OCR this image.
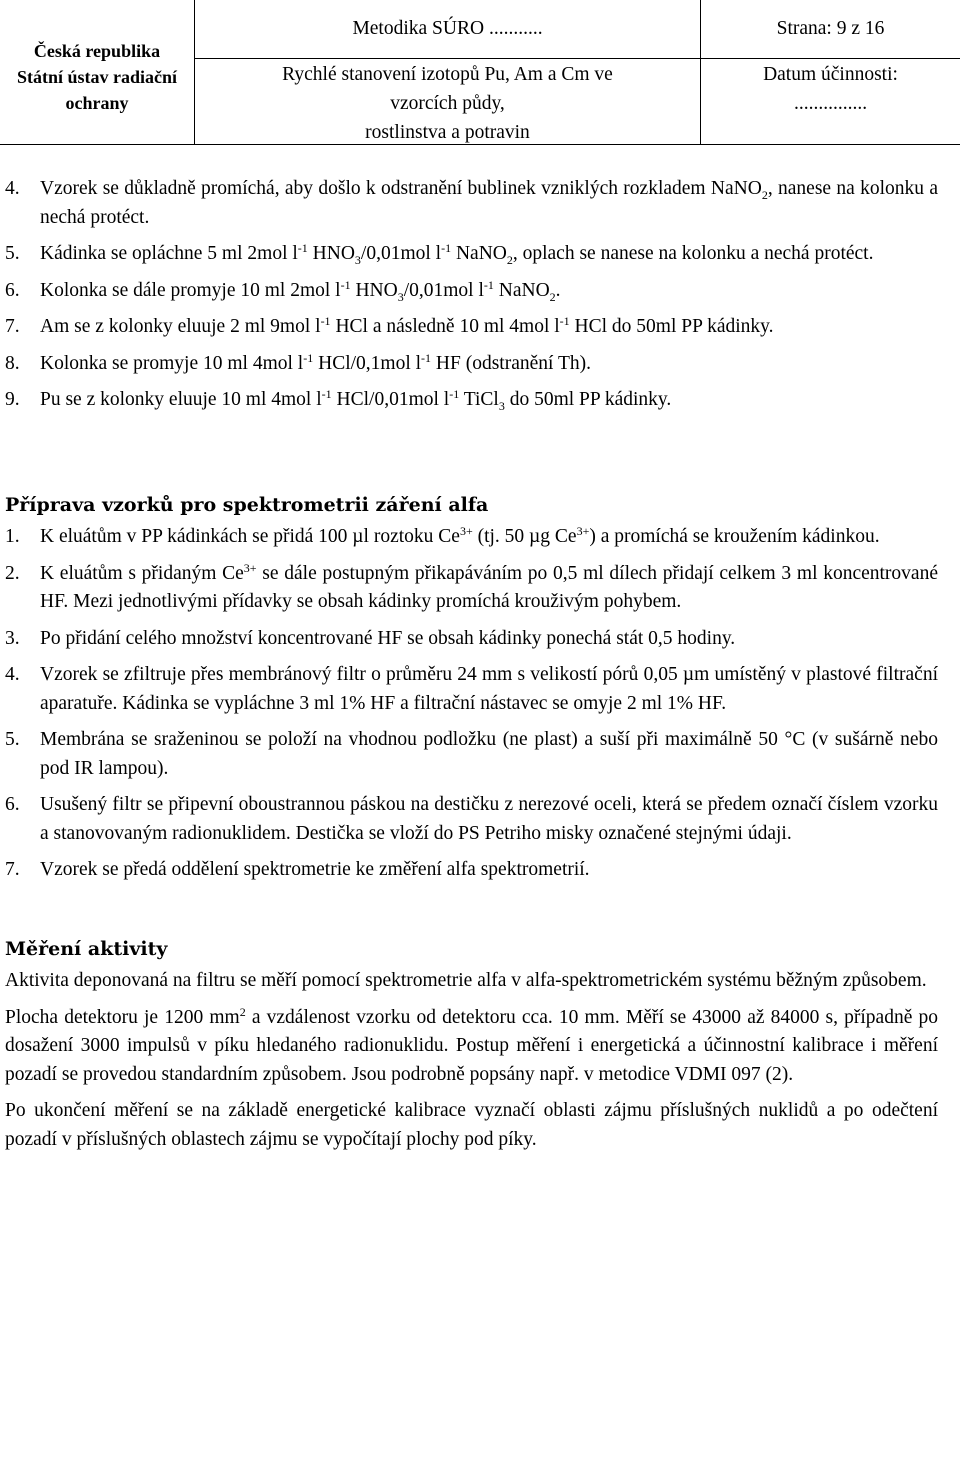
Česká republika
Státní ústav radiační
ochrany
Metodika SÚRO ...........	Strana: 9 z 16
Rychlé stanovení izotopů Pu, Am a Cm ve
vzorcích půdy,
rostlinstva a potravin
Datum účinnosti:
...............
4. Vzorek se důkladně promíchá, aby došlo k odstranění bublinek vzniklých rozkladem NaNO$_2$, nanese na kolonku a nechá protéct.
5. Kádinka se opláchne 5 ml 2mol $l^{-1}$ $HNO_3/0,01mol$ $l^{-1}$ NaNO$_2$, oplach se nanese na kolonku a nechá protéct.
6. Kolonka se dále promyje 10 ml 2mol $l^{-1}$ $HNO_3/0,01mol$ $l^{-1}$ NaNO$_2$.
7. Am se z kolonky eluuje 2 ml 9mol $l^{-1}$ HCl a následně 10 ml 4mol $l^{-1}$ HCl do 50ml PP kádinky.
8. Kolonka se promyje 10 ml 4mol $l^{-1}$ HCl/0,1mol $l^{-1}$ HF (odstranění Th).
9. Pu se z kolonky eluuje 10 ml 4mol $l^{-1}$ HCl/0,01mol $l^{-1}$ TiCl$_3$ do 50ml PP kádinky.
Příprava vzorků pro spektrometrii záření alfa
1. K eluátům v PP kádinkách se přidá 100 µl roztoku $Ce^{3+}$ (tj. 50 µg $Ce^{3+}$) a promíchá se kroužením kádinkou.
2. K eluátům s přidaným $Ce^{3+}$ se dále postupným přikapáváním po 0,5 ml dílech přidají celkem 3 ml koncentrované HF. Mezi jednotlivými přídavky se obsah kádinky promíchá krouživým pohybem.
3. Po přidání celého množství koncentrované HF se obsah kádinky ponechá stát 0,5 hodiny.
4. Vzorek se zfiltruje přes membránový filtr o průměru 24 mm s velikostí pórů 0,05 µm umístěný v plastové filtrační aparatuře. Kádinka se vypláchne 3 ml 1% HF a filtrační nástavec se omyje 2 ml 1% HF.
5. Membrána se sraženinou se položí na vhodnou podložku (ne plast) a suší při maximálně 50 °C (v sušárně nebo pod IR lampou).
6. Usušený filtr se připevní oboustrannou páskou na destičku z nerezové oceli, která se předem označí číslem vzorku a stanovovaným radionuklidem. Destička se vloží do PS Petriho misky označené stejnými údaji.
7. Vzorek se předá oddělení spektrometrie ke změření alfa spektrometrií.
Měření aktivity
Aktivita deponovaná na filtru se měří pomocí spektrometrie alfa v alfa-spektrometrickém systému běžným způsobem.
Plocha detektoru je 1200 $mm^2$ a vzdálenost vzorku od detektoru cca. 10 mm. Měří se 43000 až 84000 s, případně po dosažení 3000 impulsů v píku hledaného radionuklidu. Postup měření i energetická a účinnostní kalibrace i měření pozadí se provedou standardním způsobem. Jsou podrobně popsány např. v metodice VDMI 097 (2).
Po ukončení měření se na základě energetické kalibrace vyznačí oblasti zájmu příslušných nuklidů a po odečtení pozadí v příslušných oblastech zájmu se vypočítají plochy pod píky.
